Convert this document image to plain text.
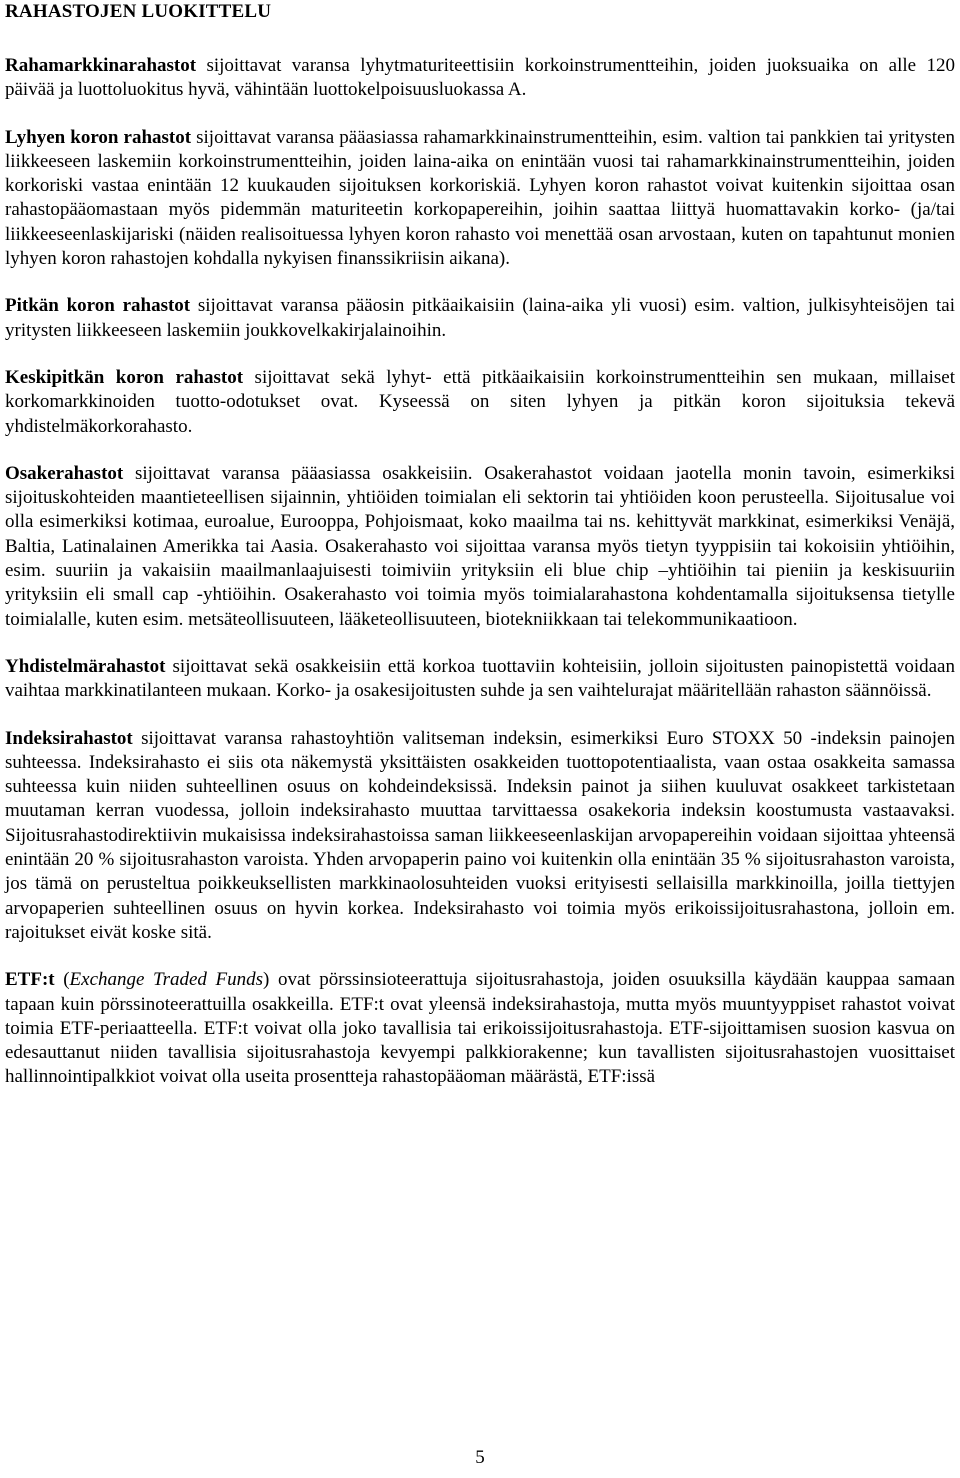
RAHASTOJEN LUOKITTELU

Rahamarkkinarahastot sijoittavat varansa lyhytmaturiteettisiin korkoinstrumentteihin, joiden juoksuaika on alle 120 päivää ja luottoluokitus hyvä, vähintään luottokelpoisuusluokassa A.

Lyhyen koron rahastot sijoittavat varansa pääasiassa rahamarkkinainstrumentteihin, esim. valtion tai pankkien tai yritysten liikkeeseen laskemiin korkoinstrumentteihin, joiden laina-aika on enintään vuosi tai rahamarkkinainstrumentteihin, joiden korkoriski vastaa enintään 12 kuukauden sijoituksen korkoriskiä. Lyhyen koron rahastot voivat kuitenkin sijoittaa osan rahastopääomastaan myös pidemmän maturiteetin korkopapereihin, joihin saattaa liittyä huomattavakin korko- (ja/tai liikkeeseenlaskijariski (näiden realisoituessa lyhyen koron rahasto voi menettää osan arvostaan, kuten on tapahtunut monien lyhyen koron rahastojen kohdalla nykyisen finanssikriisin aikana).

Pitkän koron rahastot sijoittavat varansa pääosin pitkäaikaisiin (laina-aika yli vuosi) esim. valtion, julkisyhteisöjen tai yritysten liikkeeseen laskemiin joukkovelkakirjalainoihin.

Keskipitkän koron rahastot sijoittavat sekä lyhyt- että pitkäaikaisiin korkoinstrumentteihin sen mukaan, millaiset korkomarkkinoiden tuotto-odotukset ovat. Kyseessä on siten lyhyen ja pitkän koron sijoituksia tekevä yhdistelmäkorkorahasto.

Osakerahastot sijoittavat varansa pääasiassa osakkeisiin. Osakerahastot voidaan jaotella monin tavoin, esimerkiksi sijoituskohteiden maantieteellisen sijainnin, yhtiöiden toimialan eli sektorin tai yhtiöiden koon perusteella. Sijoitusalue voi olla esimerkiksi kotimaa, euroalue, Eurooppa, Pohjoismaat, koko maailma tai ns. kehittyvät markkinat, esimerkiksi Venäjä, Baltia, Latinalainen Amerikka tai Aasia. Osakerahasto voi sijoittaa varansa myös tietyn tyyppisiin tai kokoisiin yhtiöihin, esim. suuriin ja vakaisiin maailmanlaajuisesti toimiviin yrityksiin eli blue chip –yhtiöihin tai pieniin ja keskisuuriin yrityksiin eli small cap -yhtiöihin. Osakerahasto voi toimia myös toimialarahastona kohdentamalla sijoituksensa tietylle toimialalle, kuten esim. metsäteollisuuteen, lääketeollisuuteen, biotekniikkaan tai telekommunikaatioon.

Yhdistelmärahastot sijoittavat sekä osakkeisiin että korkoa tuottaviin kohteisiin, jolloin sijoitusten painopistettä voidaan vaihtaa markkinatilanteen mukaan. Korko- ja osakesijoitusten suhde ja sen vaihtelurajat määritellään rahaston säännöissä.

Indeksirahastot sijoittavat varansa rahastoyhtiön valitseman indeksin, esimerkiksi Euro STOXX 50 -indeksin painojen suhteessa. Indeksirahasto ei siis ota näkemystä yksittäisten osakkeiden tuottopotentiaalista, vaan ostaa osakkeita samassa suhteessa kuin niiden suhteellinen osuus on kohdeindeksissä. Indeksin painot ja siihen kuuluvat osakkeet tarkistetaan muutaman kerran vuodessa, jolloin indeksirahasto muuttaa tarvittaessa osakekoria indeksin koostumusta vastaavaksi. Sijoitusrahastodirektiivin mukaisissa indeksirahastoissa saman liikkeeseenlaskijan arvopapereihin voidaan sijoittaa yhteensä enintään 20 % sijoitusrahaston varoista. Yhden arvopaperin paino voi kuitenkin olla enintään 35 % sijoitusrahaston varoista, jos tämä on perusteltua poikkeuksellisten markkinaolosuhteiden vuoksi erityisesti sellaisilla markkinoilla, joilla tiettyjen arvopaperien suhteellinen osuus on hyvin korkea. Indeksirahasto voi toimia myös erikoissijoitusrahastona, jolloin em. rajoitukset eivät koske sitä.

ETF:t (Exchange Traded Funds) ovat pörssinsioteerattuja sijoitusrahastoja, joiden osuuksilla käydään kauppaa samaan tapaan kuin pörssinoteerattuilla osakkeilla. ETF:t ovat yleensä indeksirahastoja, mutta myös muuntyyppiset rahastot voivat toimia ETF-periaatteella. ETF:t voivat olla joko tavallisia tai erikoissijoitusrahastoja. ETF-sijoittamisen suosion kasvua on edesauttanut niiden tavallisia sijoitusrahastoja kevyempi palkkiorakenne; kun tavallisten sijoitusrahastojen vuosittaiset hallinnointipalkkiot voivat olla useita prosentteja rahastopääoman määrästä, ETF:issä

5
